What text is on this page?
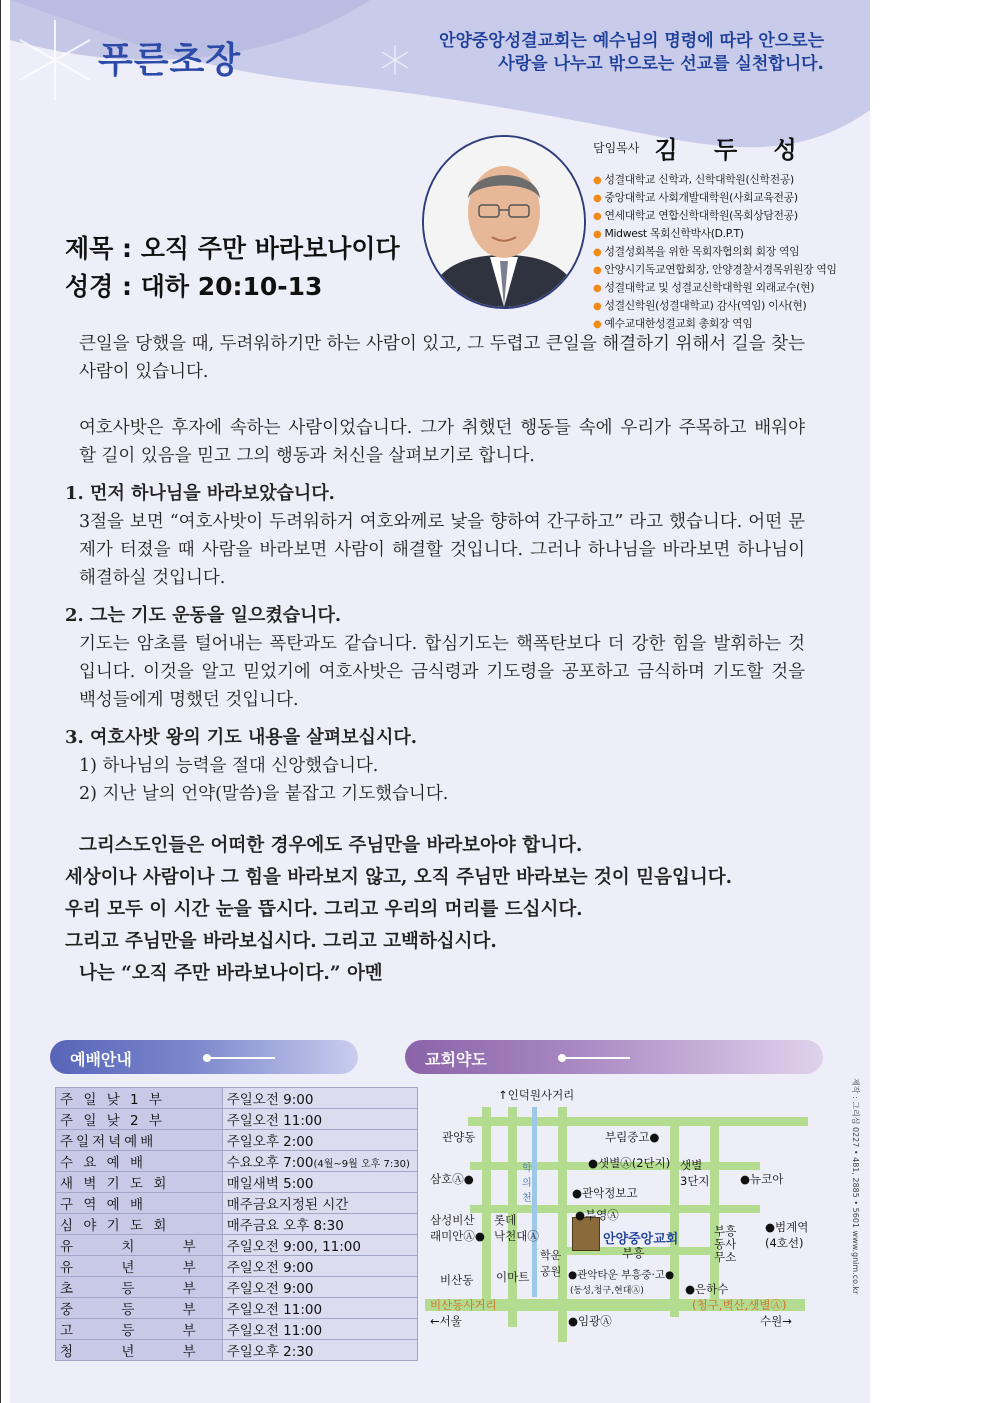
푸른초장	안양중앙성결교회는 예수님의 명령에 따라 안으로는
사랑을 나누고 밖으로는 선교를 실천합니다.
담임목사 김 두 성
● 성결대학교 신학과, 신학대학원(신학전공)
● 중앙대학교 사회개발대학원(사회교육전공)
● 연세대학교 연합신학대학원(목회상담전공)
● Midwest 목회신학박사(D.P.T)
● 성결성회복을 위한 목회자협의회 회장 역임
● 안양시기독교연합회장, 안양경찰서경목위원장 역임
● 성결대학교 및 성결교신학대학원 외래교수(현)
● 성결신학원(성결대학교) 감사(역임) 이사(현)
● 예수교대한성결교회 총회장 역임
제목 : 오직 주만 바라보나이다
성경 : 대하 20:10-13

큰일을 당했을 때, 두려워하기만 하는 사람이 있고, 그 두렵고 큰일을 해결하기 위해서 길을 찾는 사람이 있습니다.

여호사밧은 후자에 속하는 사람이었습니다. 그가 취했던 행동들 속에 우리가 주목하고 배워야 할 길이 있음을 믿고 그의 행동과 처신을 살펴보기로 합니다.

1. 먼저 하나님을 바라보았습니다.

3절을 보면 “여호사밧이 두려워하거 여호와께로 낯을 향하여 간구하고” 라고 했습니다. 어떤 문제가 터졌을 때 사람을 바라보면 사람이 해결할 것입니다. 그러나 하나님을 바라보면 하나님이 해결하실 것입니다.

2. 그는 기도 운동을 일으켰습니다.

기도는 암초를 털어내는 폭탄과도 같습니다. 합심기도는 핵폭탄보다 더 강한 힘을 발휘하는 것입니다. 이것을 알고 믿었기에 여호사밧은 금식령과 기도령을 공포하고 금식하며 기도할 것을 백성들에게 명했던 것입니다.

3. 여호사밧 왕의 기도 내용을 살펴보십시다.

1) 하나님의 능력을 절대 신앙했습니다.

2) 지난 날의 언약(말씀)을 붙잡고 기도했습니다.

그리스도인들은 어떠한 경우에도 주님만을 바라보아야 합니다.
세상이나 사람이나 그 힘을 바라보지 않고, 오직 주님만 바라보는 것이 믿음입니다.
우리 모두 이 시간 눈을 뜹시다. 그리고 우리의 머리를 드십시다.
그리고 주님만을 바라보십시다. 그리고 고백하십시다.
나는 “오직 주만 바라보나이다.” 아멘
예배안내	교회약도
주 일 낮 1 부	주일오전 9:00
주 일 낮 2 부	주일오전 11:00
주일저녁예배	주일오후 2:00
수 요 예 배	수요오후 7:00(4월~9월 오후 7:30)
새 벽 기 도 회	매일새벽 5:00
구 역 예 배	매주금요지정된 시간
심 야 기 도 회	매주금요 오후 8:30
유 치 부	주일오전 9:00, 11:00
유 년 부	주일오전 9:00
초 등 부	주일오전 9:00
중 등 부	주일오전 11:00
고 등 부	주일오전 11:00
청 년 부	주일오후 2:30
관양동
↑인덕원사거리
부림중고●
●샛별Ⓐ(2단지)
삼호Ⓐ●
학의천
샛별
3단지	●뉴코아
●관악정보고
삼성비산
래미안Ⓐ●
롯데
낙천대Ⓐ
●부영Ⓐ
안양중앙교회
부흥
부흥
동사
무소
●범계역
(4호선)
학운
공원
비산동 이마트	●관악타운 부흥중·고●
(동성,청구,현대Ⓐ)	●은하수
비산동사거리
←서울
(청구,벽산,샛별Ⓐ)
●임광Ⓐ	수원→
제작 : 그리심 0227 • 481, 2885 • 5601 www.gnim.co.kr
